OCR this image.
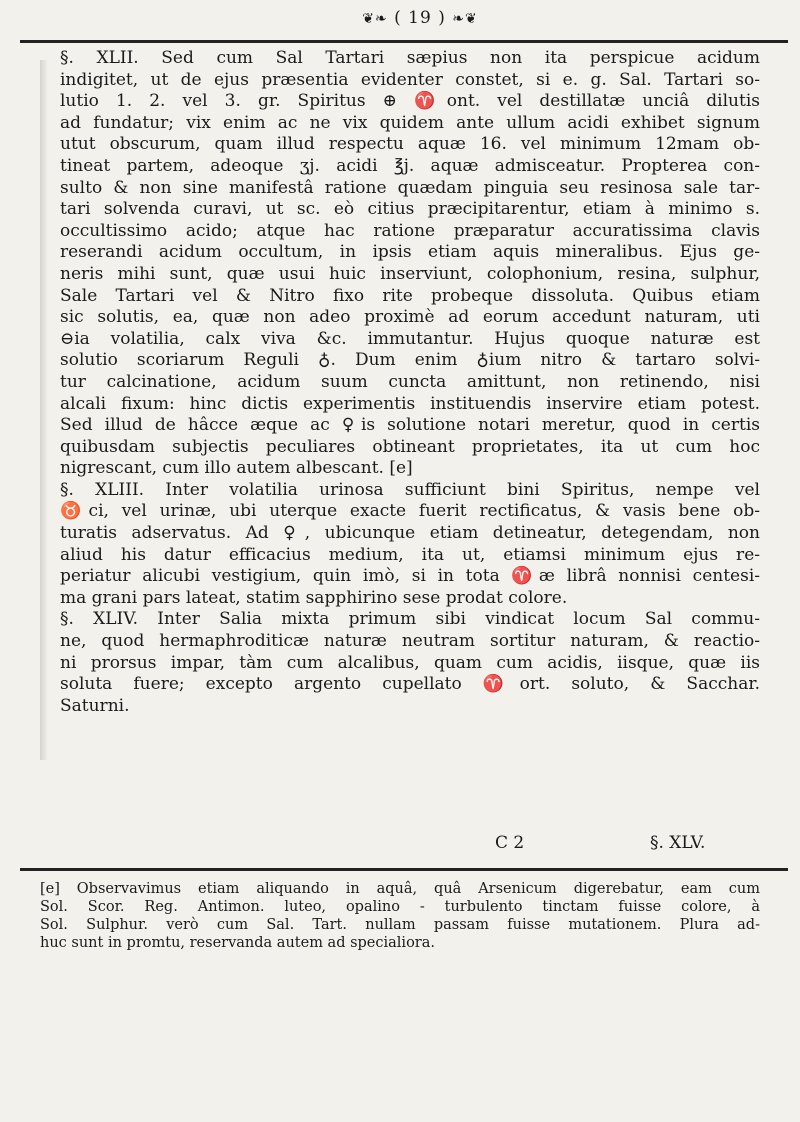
❦❧ ( 19 ) ❧❦

§. XLII. Sed cum Sal Tartari sæpius non ita perspicue acidum
indigitet, ut de ejus præsentia evidenter constet, si e. g. Sal. Tartari so-
lutio 1. 2. vel 3. gr. Spiritus ⊕ ♈ont. vel destillatæ unciâ dilutis
ad fundatur; vix enim ac ne vix quidem ante ullum acidi exhibet signum
utut obscurum, quam illud respectu aquæ 16. vel minimum 12mam ob-
tineat partem, adeoque ʒj. acidi ℥j. aquæ admisceatur. Propterea con-
sulto & non sine manifestâ ratione quædam pinguia seu resinosa sale tar-
tari solvenda curavi, ut sc. eò citius præcipitarentur, etiam à minimo s.
occultissimo acido; atque hac ratione præparatur accuratissima clavis
reserandi acidum occultum, in ipsis etiam aquis mineralibus. Ejus ge-
neris mihi sunt, quæ usui huic inserviunt, colophonium, resina, sulphur,
Sale Tartari vel & Nitro fixo rite probeque dissoluta. Quibus etiam
sic solutis, ea, quæ non adeo proximè ad eorum accedunt naturam, uti
⊖ia volatilia, calx viva &c. immutantur. Hujus quoque naturæ est
solutio scoriarum Reguli ♁. Dum enim ♁ium nitro & tartaro solvi-
tur calcinatione, acidum suum cunctа amittunt, non retinendo, nisi
alcali fixum: hinc dictis experimentis instituendis inservire etiam potest.
Sed illud de hâcce æque ac ♀is solutione notari meretur, quod in certis
quibusdam subjectis peculiares obtineant proprietates, ita ut cum hoc
nigrescant, cum illo autem albescant. [e]

§. XLIII. Inter volatilia urinosa sufficiunt bini Spiritus, nempe vel
♉ci, vel urinæ, ubi uterque exacte fuerit rectificatus, & vasis bene ob-
turatis adservatus. Ad ♀, ubicunque etiam detineatur, detegendam, non
aliud his datur efficacius medium, ita ut, etiamsi minimum ejus re-
periatur alicubi vestigium, quin imò, si in tota ♈æ librâ nonnisi centesi-
ma grani pars lateat, statim sapphirino sese prodat colore.

§. XLIV. Inter Salia mixta primum sibi vindicat locum Sal commu-
ne, quod hermaphroditicæ naturæ neutram sortitur naturam, & reactio-
ni prorsus impar, tàm cum alcalibus, quam cum acidis, iisque, quæ iis
soluta fuere; excepto argento cupellato ♈ort. soluto, & Sacchar.
Saturni.

C 2	§. XLV.
[e] Observavimus etiam aliquando in aquâ, quâ Arsenicum digerebatur, eam cum
Sol. Scor. Reg. Antimon. luteo, opalino - turbulento tinctam fuisse colore, à
Sol. Sulphur. verò cum Sal. Tart. nullam passam fuisse mutationem. Plura ad-
huc sunt in promtu, reservanda autem ad specialiora.
